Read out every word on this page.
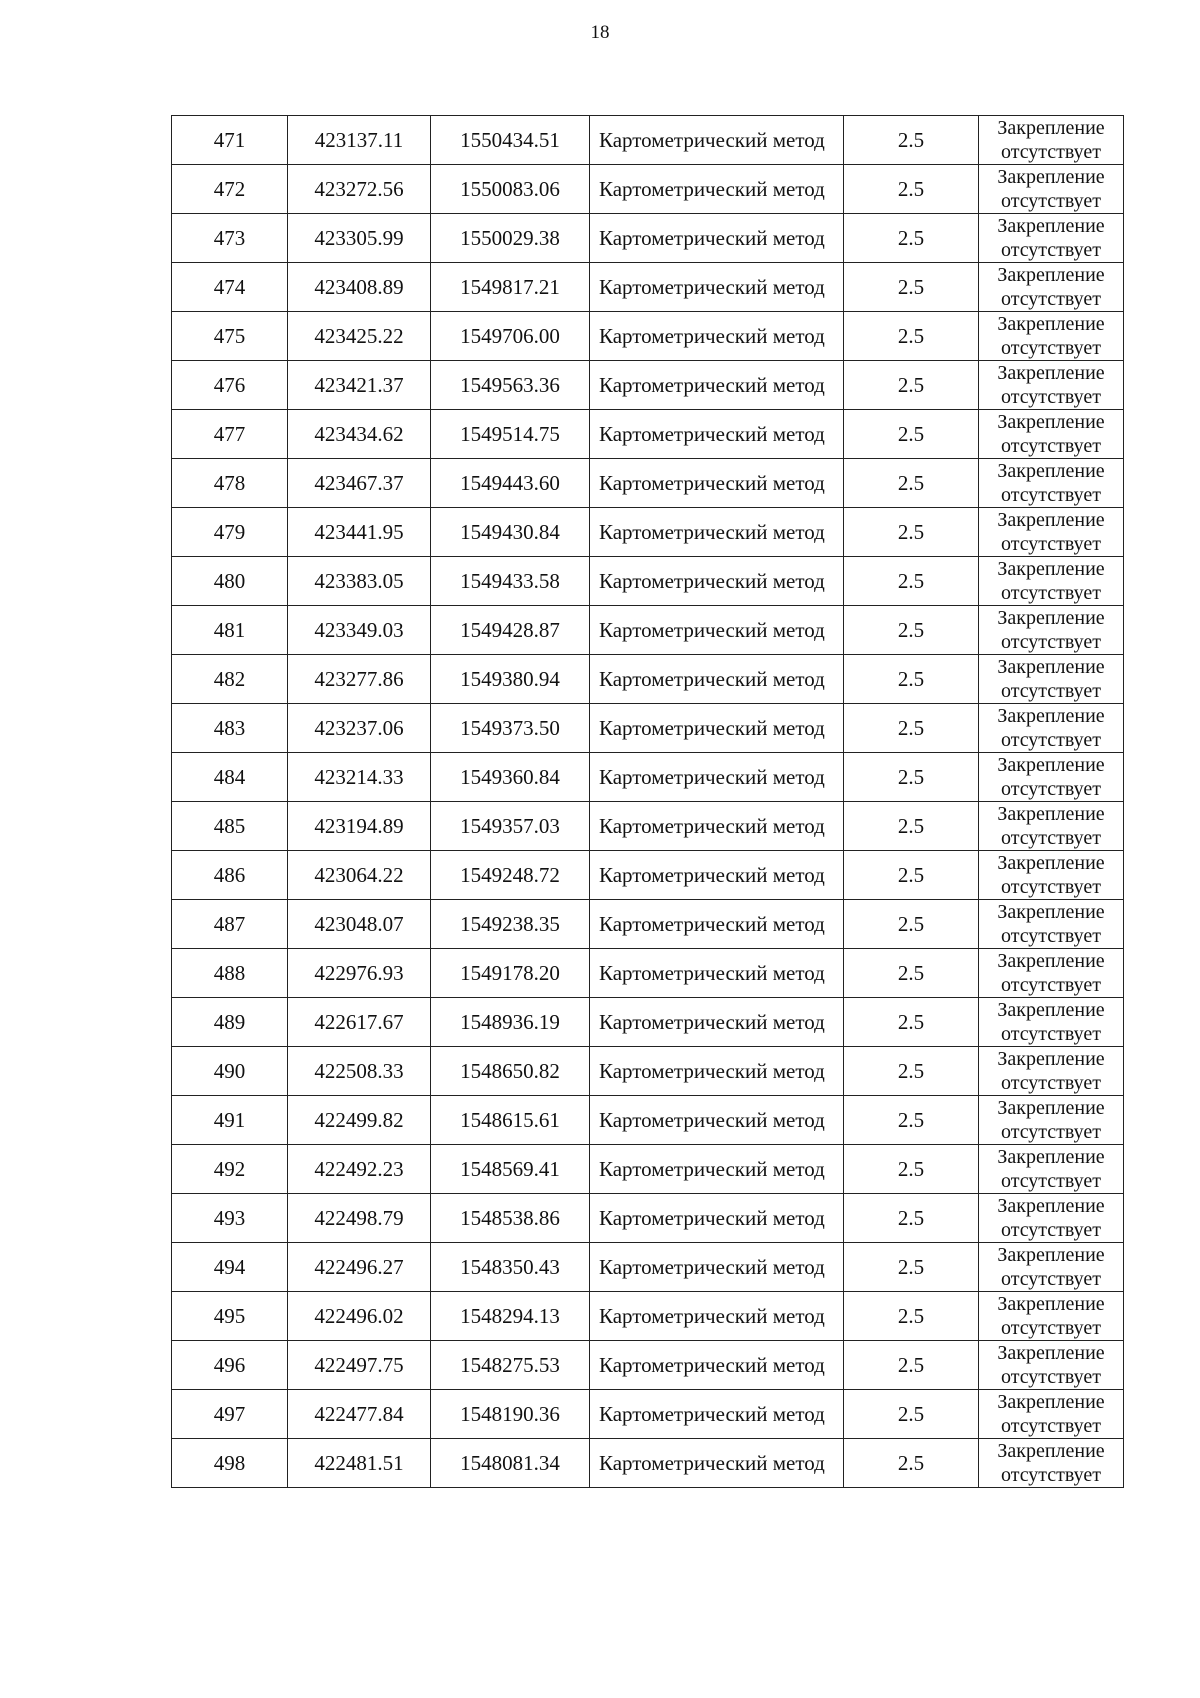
18
471	423137.11	1550434.51	Картометрический метод	2.5	Закрепление
отсутствует

472	423272.56	1550083.06	Картометрический метод	2.5	Закрепление
отсутствует

473	423305.99	1550029.38	Картометрический метод	2.5	Закрепление
отсутствует

474	423408.89	1549817.21	Картометрический метод	2.5	Закрепление
отсутствует

475	423425.22	1549706.00	Картометрический метод	2.5	Закрепление
отсутствует

476	423421.37	1549563.36	Картометрический метод	2.5	Закрепление
отсутствует

477	423434.62	1549514.75	Картометрический метод	2.5	Закрепление
отсутствует

478	423467.37	1549443.60	Картометрический метод	2.5	Закрепление
отсутствует

479	423441.95	1549430.84	Картометрический метод	2.5	Закрепление
отсутствует

480	423383.05	1549433.58	Картометрический метод	2.5	Закрепление
отсутствует

481	423349.03	1549428.87	Картометрический метод	2.5	Закрепление
отсутствует

482	423277.86	1549380.94	Картометрический метод	2.5	Закрепление
отсутствует

483	423237.06	1549373.50	Картометрический метод	2.5	Закрепление
отсутствует

484	423214.33	1549360.84	Картометрический метод	2.5	Закрепление
отсутствует

485	423194.89	1549357.03	Картометрический метод	2.5	Закрепление
отсутствует

486	423064.22	1549248.72	Картометрический метод	2.5	Закрепление
отсутствует

487	423048.07	1549238.35	Картометрический метод	2.5	Закрепление
отсутствует

488	422976.93	1549178.20	Картометрический метод	2.5	Закрепление
отсутствует

489	422617.67	1548936.19	Картометрический метод	2.5	Закрепление
отсутствует

490	422508.33	1548650.82	Картометрический метод	2.5	Закрепление
отсутствует

491	422499.82	1548615.61	Картометрический метод	2.5	Закрепление
отсутствует

492	422492.23	1548569.41	Картометрический метод	2.5	Закрепление
отсутствует

493	422498.79	1548538.86	Картометрический метод	2.5	Закрепление
отсутствует

494	422496.27	1548350.43	Картометрический метод	2.5	Закрепление
отсутствует

495	422496.02	1548294.13	Картометрический метод	2.5	Закрепление
отсутствует

496	422497.75	1548275.53	Картометрический метод	2.5	Закрепление
отсутствует

497	422477.84	1548190.36	Картометрический метод	2.5	Закрепление
отсутствует

498	422481.51	1548081.34	Картометрический метод	2.5	Закрепление
отсутствует
